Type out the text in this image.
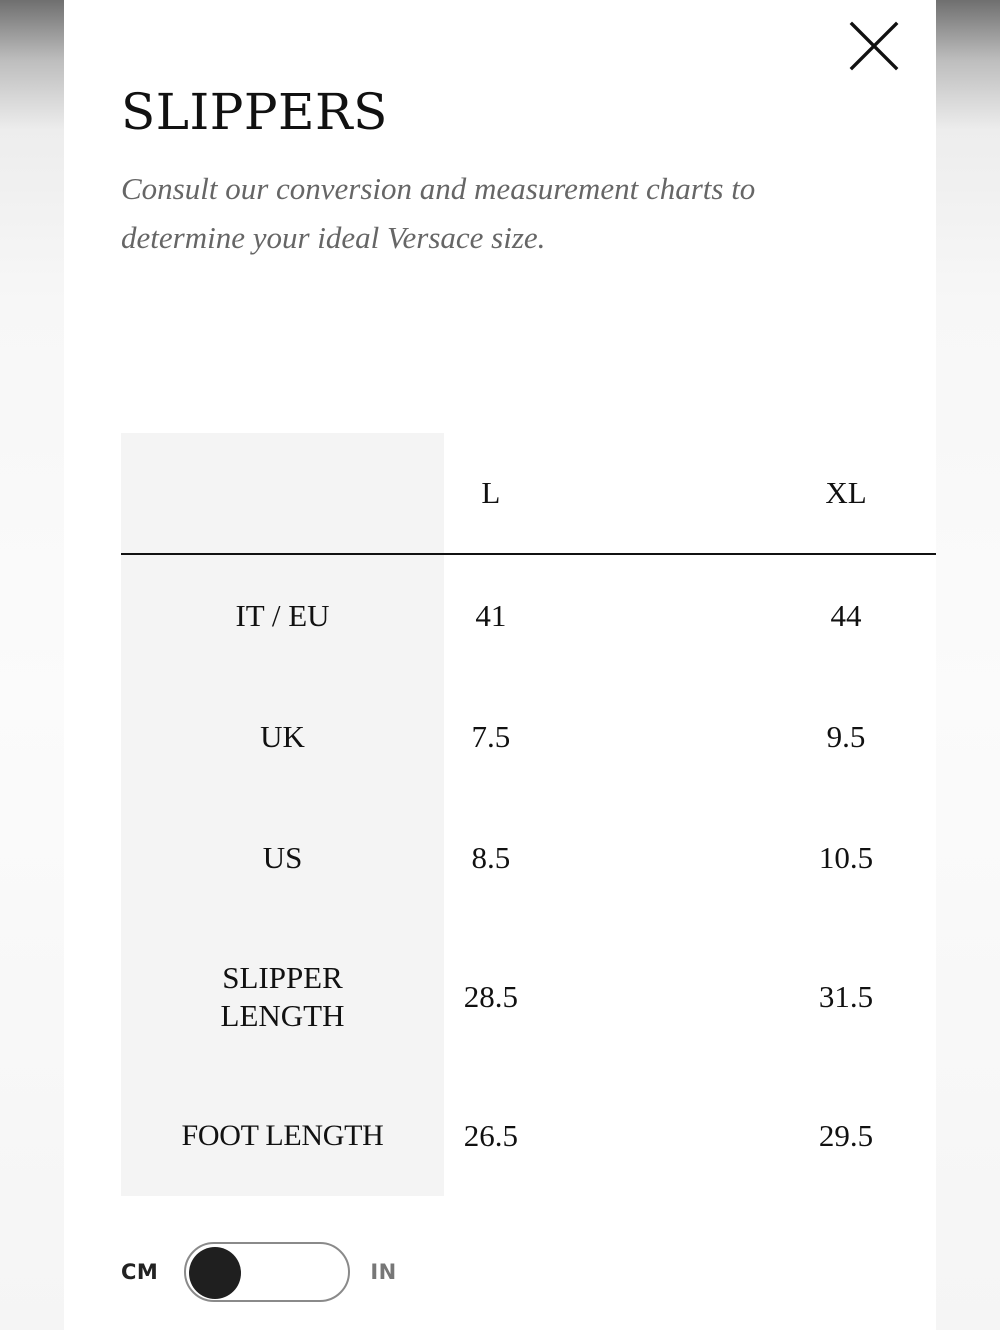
SLIPPERS

Consult our conversion and measurement charts to determine your ideal Versace size.

	L		XL
IT / EU	41		44
UK	7.5		9.5
US	8.5		10.5
SLIPPER LENGTH	28.5		31.5
FOOT LENGTH	26.5		29.5
CM	IN
